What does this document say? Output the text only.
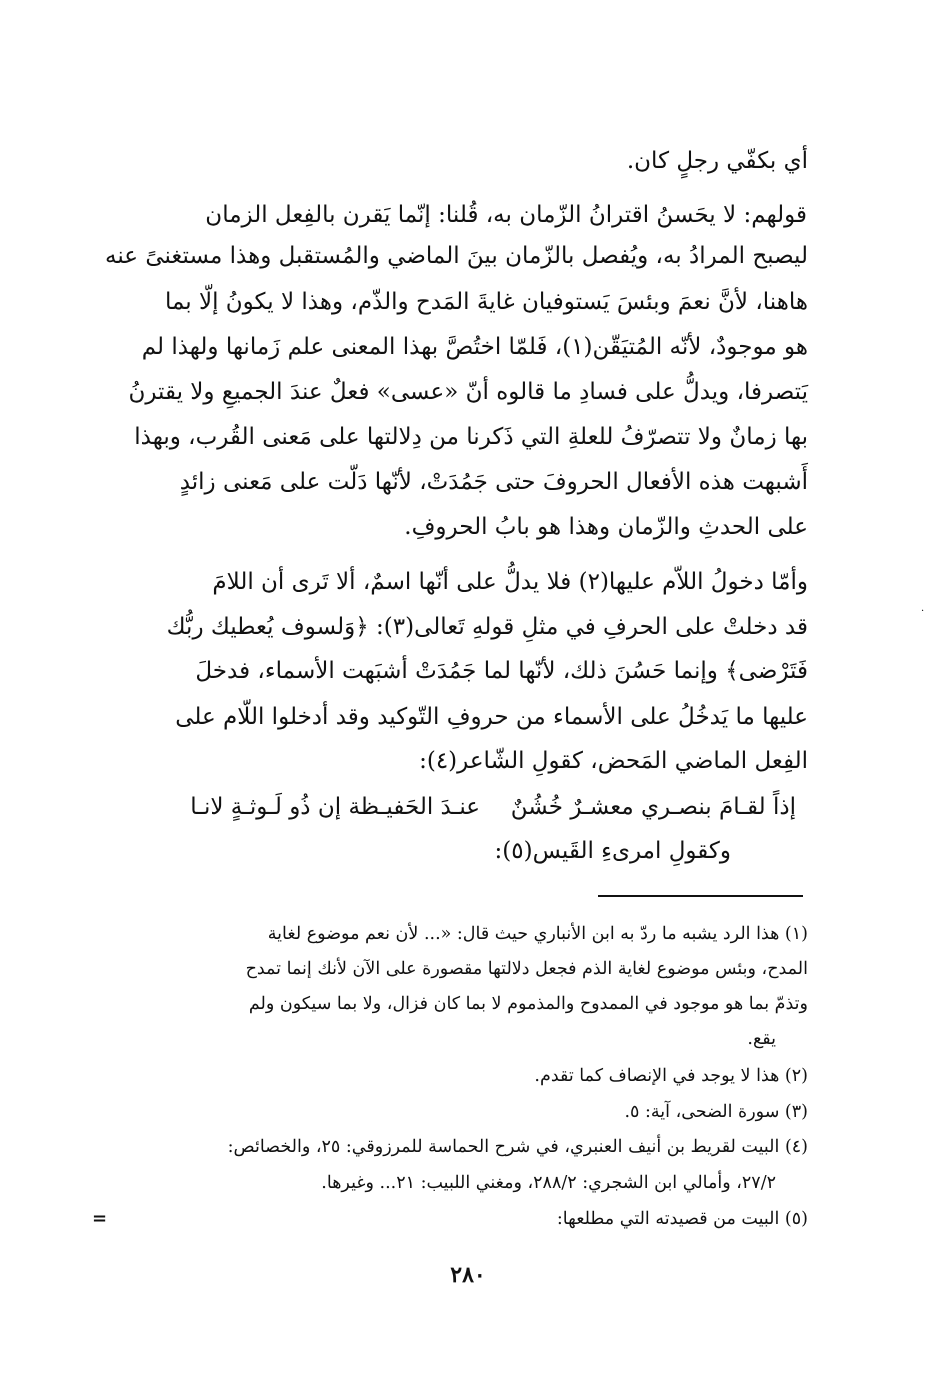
أي بكفّي رجلٍ كان.
قولهم: لا يحَسنُ اقترانُ الزّمان به، قُلنا: إنّما يَقرن بالفِعل الزمان
ليصبح المرادُ به، ويُفصل بالزّمان بينَ الماضي والمُستقبل وهذا مستغنىً عنه
هاهنا، لأنَّ نعمَ وبئسَ يَستوفيان غايةَ المَدح والذّم، وهذا لا يكونُ إلّا بما
هو موجودٌ، لأنّه المُتيَقّن(١)، فَلمّا اختُصَّ بهذا المعنى علم زَمانها ولهذا لم
يَتصرفا، ويدلُّ على فسادِ ما قالوه أنّ «عسى» فعلٌ عندَ الجميعِ ولا يقترنُ
بها زمانٌ ولا تتصرّفُ للعلةِ التي ذَكرنا من دِلالتها على مَعنى القُرب، وبهذا
أَشبهت هذه الأفعال الحروفَ حتى جَمُدَتْ، لأنّها دَلّت على مَعنى زائدٍ
على الحدثِ والزّمان وهذا هو بابُ الحروفِ.
وأمّا دخولُ اللاّم عليها(٢) فلا يدلُّ على أنّها اسمٌ، ألا تَرى أن اللامَ
قد دخلتْ على الحرفِ في مثلِ قولهِ تَعالى(٣): ﴿وَلسوف يُعطيك ربُّك
فَتَرْضى﴾ وإنما حَسُنَ ذلك، لأنّها لما جَمُدَتْ أشبَهت الأسماء، فدخلَ
عليها ما يَدخُلُ على الأسماء من حروفِ التّوكيد وقد أدخلوا اللّام على
الفِعل الماضي المَحض، كقولِ الشّاعر(٤):
إذاً لقـامَ بنصـري معشـرٌ خُشُنٌ
عنـدَ الحَفيـظة إن ذُو لَـوثـةٍ لانـا
وكقولِ امرىءِ القَيس(٥):
(١) هذا الرد يشبه ما ردّ به ابن الأنباري حيث قال: «... لأن نعم موضوع لغاية
المدح، وبئس موضوع لغاية الذم فجعل دلالتها مقصورة على الآن لأنك إنما تمدح
وتذمّ بما هو موجود في الممدوح والمذموم لا بما كان فزال، ولا بما سيكون ولم
يقع.
(٢) هذا لا يوجد في الإنصاف كما تقدم.
(٣) سورة الضحى، آية: ٥.
(٤) البيت لقريط بن أنيف العنبري، في شرح الحماسة للمرزوقي: ٢٥، والخصائص:
٢٧/٢، وأمالي ابن الشجري: ٢٨٨/٢، ومغني اللبيب: ٢١... وغيرها.
(٥) البيت من قصيدته التي مطلعها:
=
·
٢٨٠
